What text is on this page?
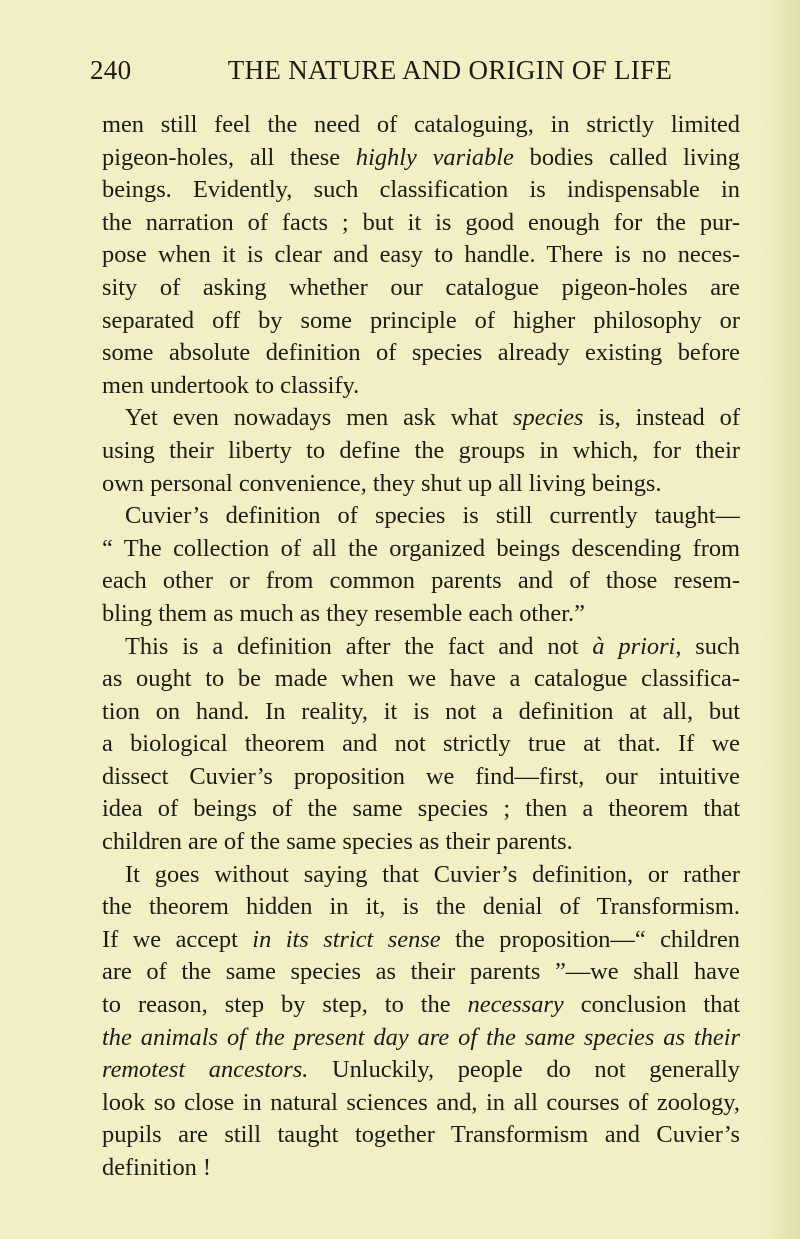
240	THE NATURE AND ORIGIN OF LIFE
men still feel the need of cataloguing, in strictly limited
pigeon-holes, all these highly variable bodies called living
beings. Evidently, such classification is indispensable in
the narration of facts ; but it is good enough for the pur-
pose when it is clear and easy to handle. There is no neces-
sity of asking whether our catalogue pigeon-holes are
separated off by some principle of higher philosophy or
some absolute definition of species already existing before
men undertook to classify.
Yet even nowadays men ask what species is, instead of
using their liberty to define the groups in which, for their
own personal convenience, they shut up all living beings.
Cuvier’s definition of species is still currently taught—
“ The collection of all the organized beings descending from
each other or from common parents and of those resem-
bling them as much as they resemble each other.”
This is a definition after the fact and not à priori, such
as ought to be made when we have a catalogue classifica-
tion on hand. In reality, it is not a definition at all, but
a biological theorem and not strictly true at that. If we
dissect Cuvier’s proposition we find—first, our intuitive
idea of beings of the same species ; then a theorem that
children are of the same species as their parents.
It goes without saying that Cuvier’s definition, or rather
the theorem hidden in it, is the denial of Transformism.
If we accept in its strict sense the proposition—“ children
are of the same species as their parents ”—we shall have
to reason, step by step, to the necessary conclusion that
the animals of the present day are of the same species as their
remotest ancestors. Unluckily, people do not generally
look so close in natural sciences and, in all courses of zoology,
pupils are still taught together Transformism and Cuvier’s
definition !
